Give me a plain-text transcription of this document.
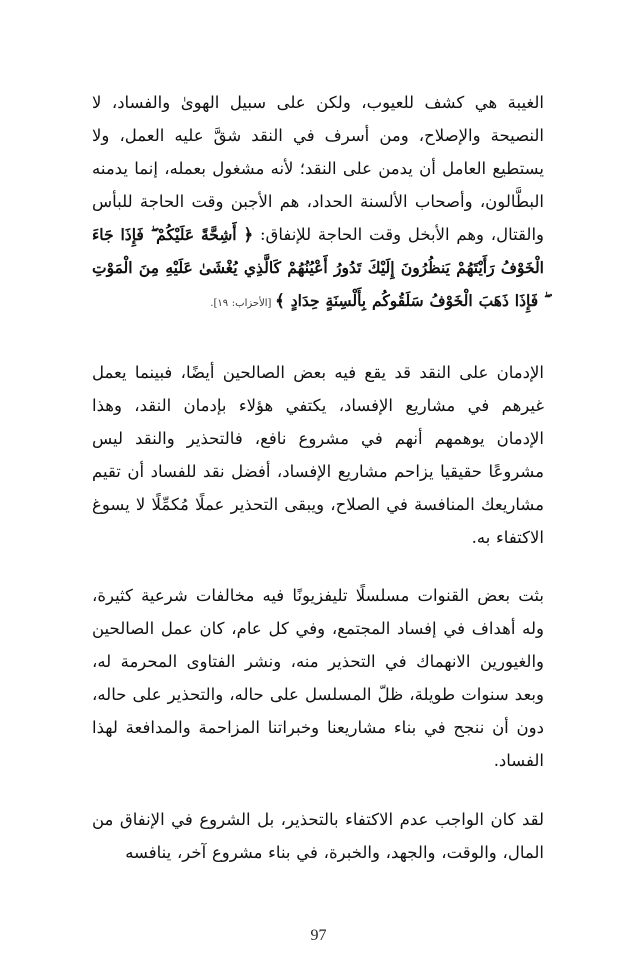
الغيبة هي كشف للعيوب، ولكن على سبيل الهوىٰ والفساد، لا النصيحة والإصلاح، ومن أسرف في النقد شقَّ عليه العمل، ولا يستطيع العامل أن يدمن على النقد؛ لأنه مشغول بعمله، إنما يدمنه البطَّالون، وأصحاب الألسنة الحداد، هم الأجبن وقت الحاجة للبأس والقتال، وهم الأبخل وقت الحاجة للإنفاق: ﴿ أَشِحَّةً عَلَيْكُمْ ۖ فَإِذَا جَاءَ الْخَوْفُ رَأَيْتَهُمْ يَنظُرُونَ إِلَيْكَ تَدُورُ أَعْيُنُهُمْ كَالَّذِي يُغْشَىٰ عَلَيْهِ مِنَ الْمَوْتِ ۖ فَإِذَا ذَهَبَ الْخَوْفُ سَلَقُوكُم بِأَلْسِنَةٍ حِدَادٍ ﴾ [الأحزاب: ١٩].
الإدمان على النقد قد يقع فيه بعض الصالحين أيضًا، فبينما يعمل غيرهم في مشاريع الإفساد، يكتفي هؤلاء بإدمان النقد، وهذا الإدمان يوهمهم أنهم في مشروع نافع، فالتحذير والنقد ليس مشروعًا حقيقيا يزاحم مشاريع الإفساد، أفضل نقد للفساد أن تقيم مشاريعك المنافسة في الصلاح، ويبقى التحذير عملًا مُكمِّلًا لا يسوغ الاكتفاء به.
بثت بعض القنوات مسلسلًا تليفزيونًا فيه مخالفات شرعية كثيرة، وله أهداف في إفساد المجتمع، وفي كل عام، كان عمل الصالحين والغيورين الانهماك في التحذير منه، ونشر الفتاوى المحرمة له، وبعد سنوات طويلة، ظلّ المسلسل على حاله، والتحذير على حاله، دون أن ننجح في بناء مشاريعنا وخبراتنا المزاحمة والمدافعة لهذا الفساد.
لقد كان الواجب عدم الاكتفاء بالتحذير، بل الشروع في الإنفاق من المال، والوقت، والجهد، والخبرة، في بناء مشروع آخر، ينافسه
97
